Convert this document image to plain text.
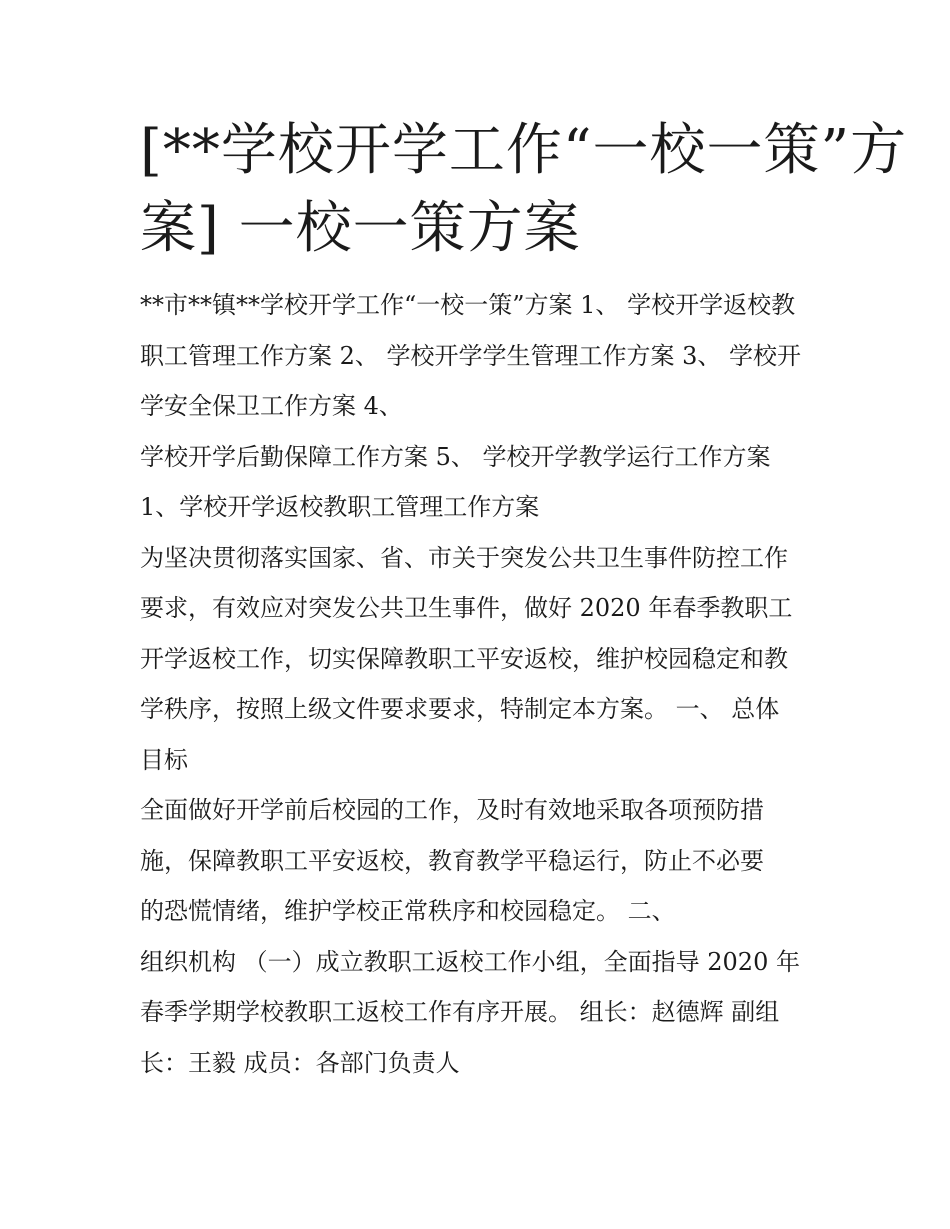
[**学校开学工作“一校一策”方
案] 一校一策方案
**市**镇**学校开学工作“一校一策”方案 1、 学校开学返校教
职工管理工作方案 2、 学校开学学生管理工作方案 3、 学校开
学安全保卫工作方案 4、
学校开学后勤保障工作方案 5、 学校开学教学运行工作方案
1、学校开学返校教职工管理工作方案
为坚决贯彻落实国家、省、市关于突发公共卫生事件防控工作
要求，有效应对突发公共卫生事件，做好 2020 年春季教职工
开学返校工作，切实保障教职工平安返校，维护校园稳定和教
学秩序，按照上级文件要求要求，特制定本方案。 一、 总体
目标
全面做好开学前后校园的工作，及时有效地采取各项预防措
施，保障教职工平安返校，教育教学平稳运行，防止不必要
的恐慌情绪，维护学校正常秩序和校园稳定。 二、
组织机构 （一）成立教职工返校工作小组，全面指导 2020 年
春季学期学校教职工返校工作有序开展。 组长：赵德辉 副组
长：王毅 成员：各部门负责人
